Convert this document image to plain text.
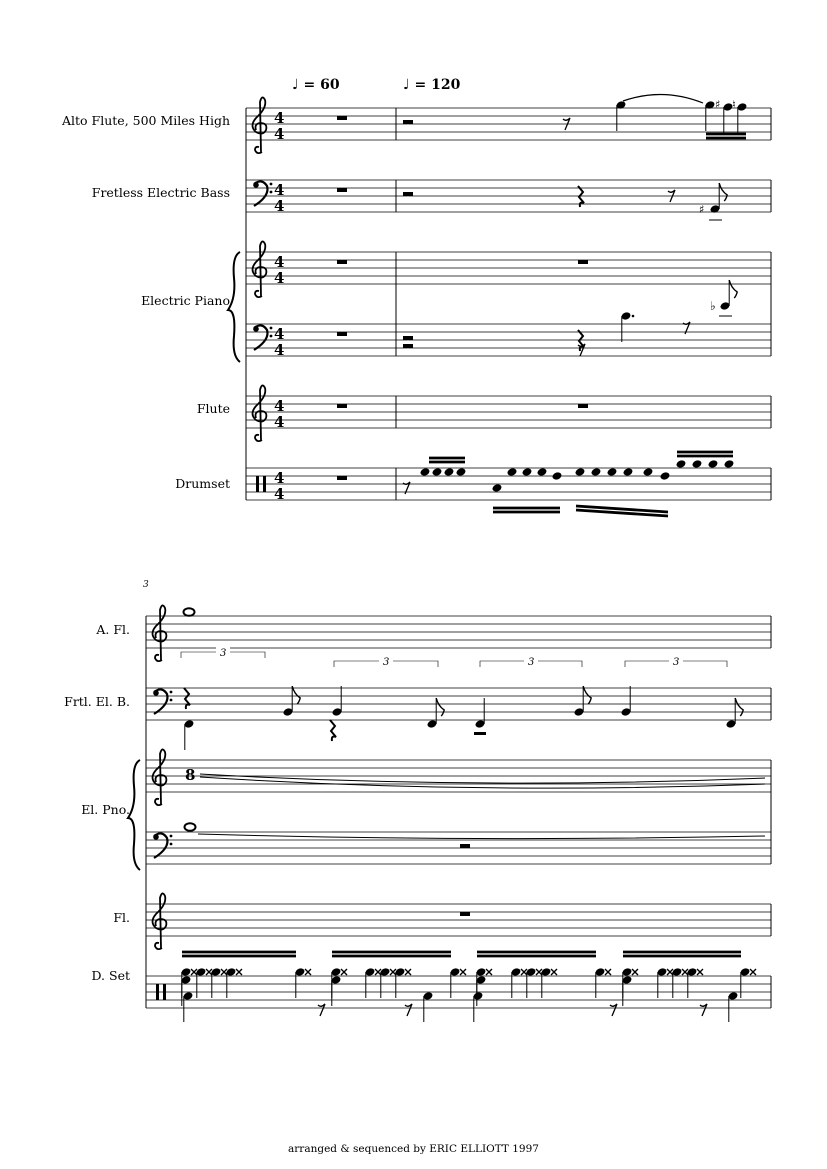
4
4
4
4
4
4
4
4
4
4
4
4
♯ ♮
♯
♭
3
3	3	3
8
Alto Flute, 500 Miles High
Fretless Electric Bass
Electric Piano
Flute
Drumset
♩ = 60	♩ = 120
3
A. Fl.
Frtl. El. B.
El. Pno.
Fl.
D. Set
arranged & sequenced by ERIC ELLIOTT 1997
